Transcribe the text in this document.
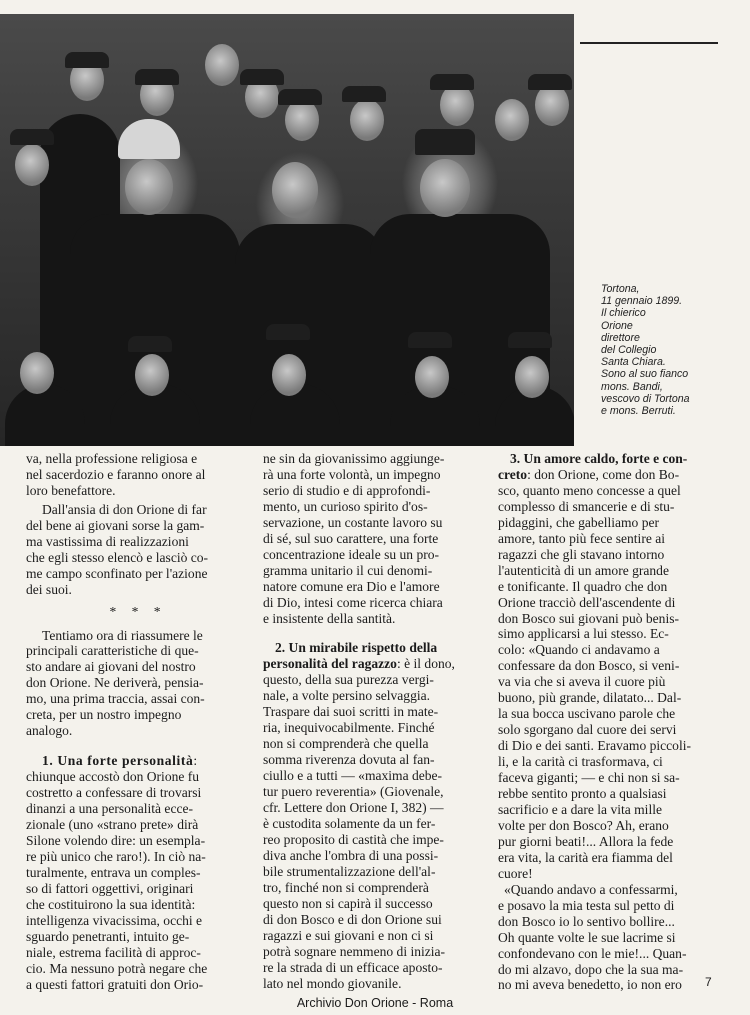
Tortona,
11 gennaio 1899.
Il chierico
Orione
direttore
del Collegio
Santa Chiara.
Sono al suo fianco
mons. Bandi,
vescovo di Tortona
e mons. Berruti.
va, nella professione religiosa e
nel sacerdozio e faranno onore al
loro benefattore.
Dall'ansia di don Orione di far
del bene ai giovani sorse la gam-
ma vastissima di realizzazioni
che egli stesso elencò e lasciò co-
me campo sconfinato per l'azione
dei suoi.
* * *
Tentiamo ora di riassumere le
principali caratteristiche di que-
sto andare ai giovani del nostro
don Orione. Ne deriverà, pensia-
mo, una prima traccia, assai con-
creta, per un nostro impegno
analogo.
1. Una forte personalità:
chiunque accostò don Orione fu
costretto a confessare di trovarsi
dinanzi a una personalità ecce-
zionale (uno «strano prete» dirà
Silone volendo dire: un esempla-
re più unico che raro!). In ciò na-
turalmente, entrava un comples-
so di fattori oggettivi, originari
che costituirono la sua identità:
intelligenza vivacissima, occhi e
sguardo penetranti, intuito ge-
niale, estrema facilità di approc-
cio. Ma nessuno potrà negare che
a questi fattori gratuiti don Orio-
ne sin da giovanissimo aggiunge-
rà una forte volontà, un impegno
serio di studio e di approfondi-
mento, un curioso spirito d'os-
servazione, un costante lavoro su
di sé, sul suo carattere, una forte
concentrazione ideale su un pro-
gramma unitario il cui denomi-
natore comune era Dio e l'amore
di Dio, intesi come ricerca chiara
e insistente della santità.
2. Un mirabile rispetto della
personalità del ragazzo: è il dono,
questo, della sua purezza vergi-
nale, a volte persino selvaggia.
Traspare dai suoi scritti in mate-
ria, inequivocabilmente. Finché
non si comprenderà che quella
somma riverenza dovuta al fan-
ciullo e a tutti — «maxima debe-
tur puero reverentia» (Giovenale,
cfr. Lettere don Orione I, 382) —
è custodita solamente da un fer-
reo proposito di castità che impe-
diva anche l'ombra di una possi-
bile strumentalizzazione dell'al-
tro, finché non si comprenderà
questo non si capirà il successo
di don Bosco e di don Orione sui
ragazzi e sui giovani e non ci si
potrà sognare nemmeno di inizia-
re la strada di un efficace aposto-
lato nel mondo giovanile.
3. Un amore caldo, forte e con-
creto: don Orione, come don Bo-
sco, quanto meno concesse a quel
complesso di smancerie e di stu-
pidaggini, che gabelliamo per
amore, tanto più fece sentire ai
ragazzi che gli stavano intorno
l'autenticità di un amore grande
e tonificante. Il quadro che don
Orione tracciò dell'ascendente di
don Bosco sui giovani può benis-
simo applicarsi a lui stesso. Ec-
colo: «Quando ci andavamo a
confessare da don Bosco, si veni-
va via che si aveva il cuore più
buono, più grande, dilatato... Dal-
la sua bocca uscivano parole che
solo sgorgano dal cuore dei servi
di Dio e dei santi. Eravamo piccoli-
li, e la carità ci trasformava, ci
faceva giganti; — e chi non si sa-
rebbe sentito pronto a qualsiasi
sacrificio e a dare la vita mille
volte per don Bosco? Ah, erano
pur giorni beati!... Allora la fede
era vita, la carità era fiamma del
cuore!
«Quando andavo a confessarmi,
e posavo la mia testa sul petto di
don Bosco io lo sentivo bollire...
Oh quante volte le sue lacrime si
confondevano con le mie!... Quan-
do mi alzavo, dopo che la sua ma-
no mi aveva benedetto, io non ero	7
Archivio Don Orione - Roma
